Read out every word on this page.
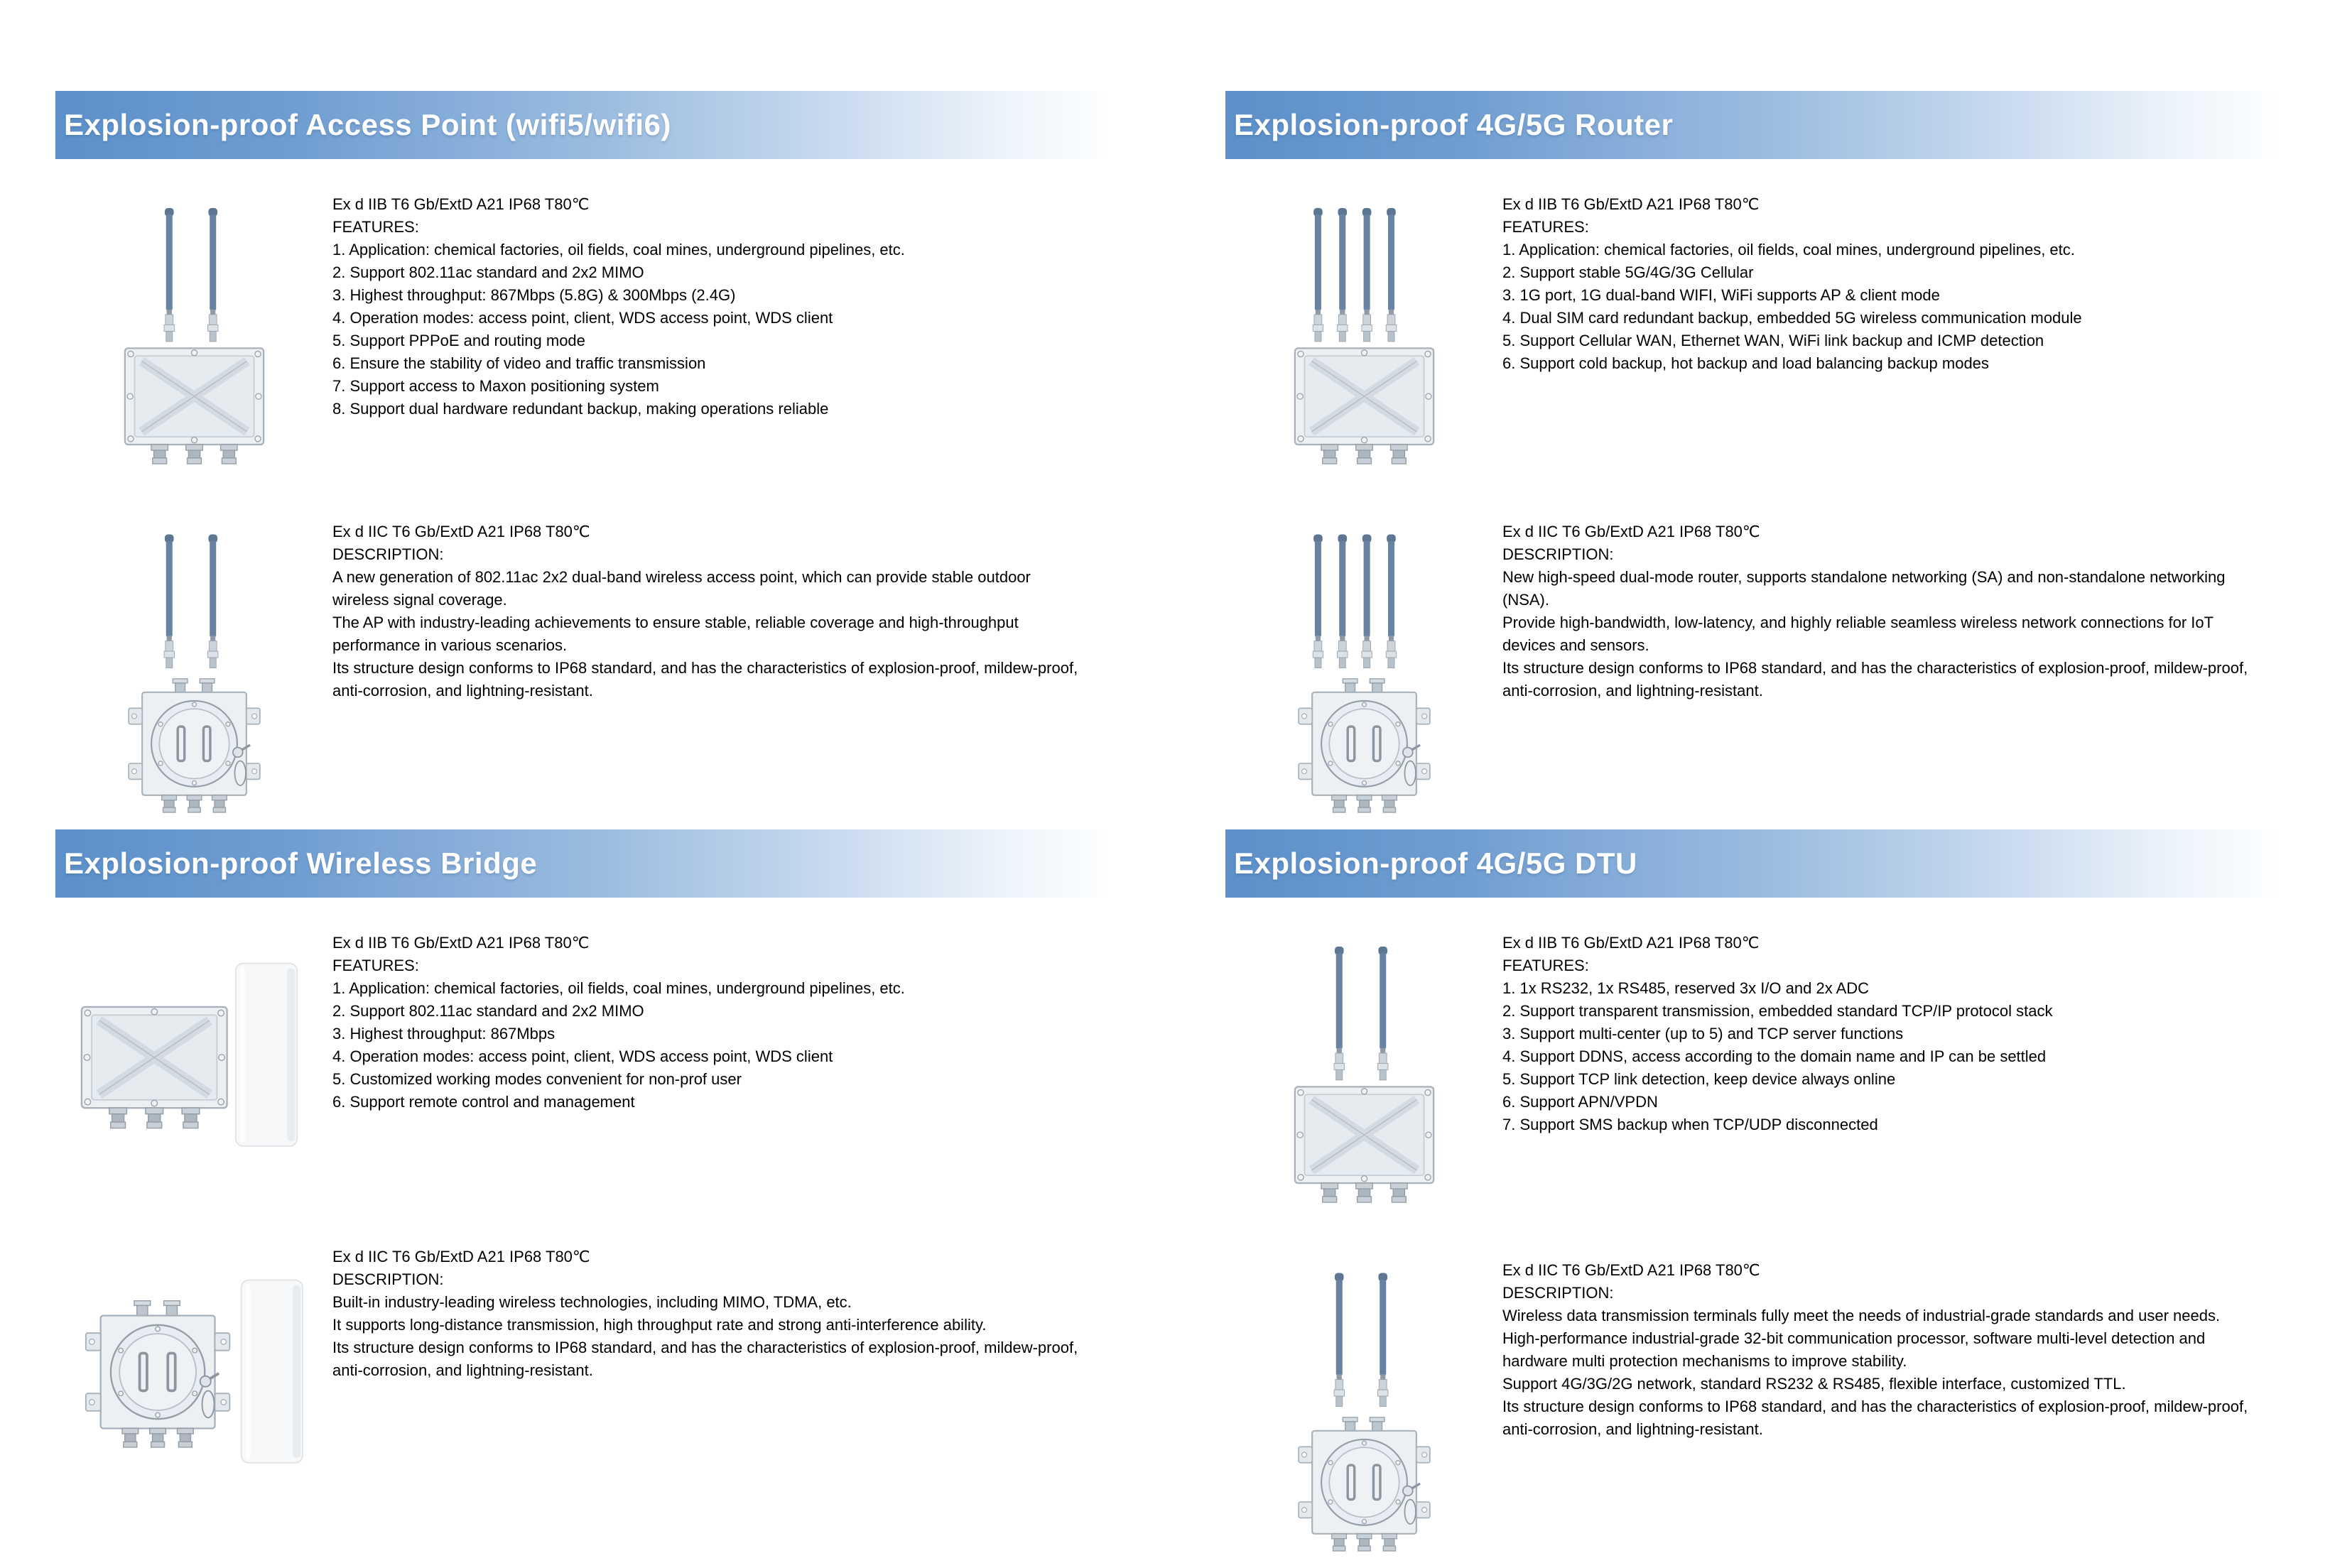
Explosion-proof Access Point (wifi5/wifi6)

Ex d IIB T6 Gb/ExtD A21 IP68 T80℃

FEATURES:

1. Application: chemical factories, oil fields, coal mines, underground pipelines, etc.

2. Support 802.11ac standard and 2x2 MIMO

3. Highest throughput: 867Mbps (5.8G) & 300Mbps (2.4G)

4. Operation modes: access point, client, WDS access point, WDS client

5. Support PPPoE and routing mode

6. Ensure the stability of video and traffic transmission

7. Support access to Maxon positioning system

8. Support dual hardware redundant backup, making operations reliable

Ex d IIC T6 Gb/ExtD A21 IP68 T80℃

DESCRIPTION:

A new generation of 802.11ac 2x2 dual-band wireless access point, which can provide stable outdoor wireless signal coverage.

The AP with industry-leading achievements to ensure stable, reliable coverage and high-throughput performance in various scenarios.

Its structure design conforms to IP68 standard, and has the characteristics of explosion-proof, mildew-proof, anti-corrosion, and lightning-resistant.

Explosion-proof 4G/5G Router

Ex d IIB T6 Gb/ExtD A21 IP68 T80℃

FEATURES:

1. Application: chemical factories, oil fields, coal mines, underground pipelines, etc.

2. Support stable 5G/4G/3G Cellular

3. 1G port, 1G dual-band WIFI, WiFi supports AP & client mode

4. Dual SIM card redundant backup, embedded 5G wireless communication module

5. Support Cellular WAN, Ethernet WAN, WiFi link backup and ICMP detection

6. Support cold backup, hot backup and load balancing backup modes

Ex d IIC T6 Gb/ExtD A21 IP68 T80℃

DESCRIPTION:

New high-speed dual-mode router, supports standalone networking (SA) and non-standalone networking (NSA).

Provide high-bandwidth, low-latency, and highly reliable seamless wireless network connections for IoT devices and sensors.

Its structure design conforms to IP68 standard, and has the characteristics of explosion-proof, mildew-proof, anti-corrosion, and lightning-resistant.

Explosion-proof Wireless Bridge

Ex d IIB T6 Gb/ExtD A21 IP68 T80℃

FEATURES:

1. Application: chemical factories, oil fields, coal mines, underground pipelines, etc.

2. Support 802.11ac standard and 2x2 MIMO

3. Highest throughput: 867Mbps

4. Operation modes: access point, client, WDS access point, WDS client

5. Customized working modes convenient for non-prof user

6. Support remote control and management

Ex d IIC T6 Gb/ExtD A21 IP68 T80℃

DESCRIPTION:

Built-in industry-leading wireless technologies, including MIMO, TDMA, etc.

It supports long-distance transmission, high throughput rate and strong anti-interference ability.

Its structure design conforms to IP68 standard, and has the characteristics of explosion-proof, mildew-proof, anti-corrosion, and lightning-resistant.

Explosion-proof 4G/5G DTU

Ex d IIB T6 Gb/ExtD A21 IP68 T80℃

FEATURES:

1. 1x RS232, 1x RS485, reserved 3x I/O and 2x ADC

2. Support transparent transmission, embedded standard TCP/IP protocol stack

3. Support multi-center (up to 5) and TCP server functions

4. Support DDNS, access according to the domain name and IP can be settled

5. Support TCP link detection, keep device always online

6. Support APN/VPDN

7. Support SMS backup when TCP/UDP disconnected

Ex d IIC T6 Gb/ExtD A21 IP68 T80℃

DESCRIPTION:

Wireless data transmission terminals fully meet the needs of industrial-grade standards and user needs.

High-performance industrial-grade 32-bit communication processor, software multi-level detection and hardware multi protection mechanisms to improve stability.

Support 4G/3G/2G network, standard RS232 & RS485, flexible interface, customized TTL.

Its structure design conforms to IP68 standard, and has the characteristics of explosion-proof, mildew-proof, anti-corrosion, and lightning-resistant.
